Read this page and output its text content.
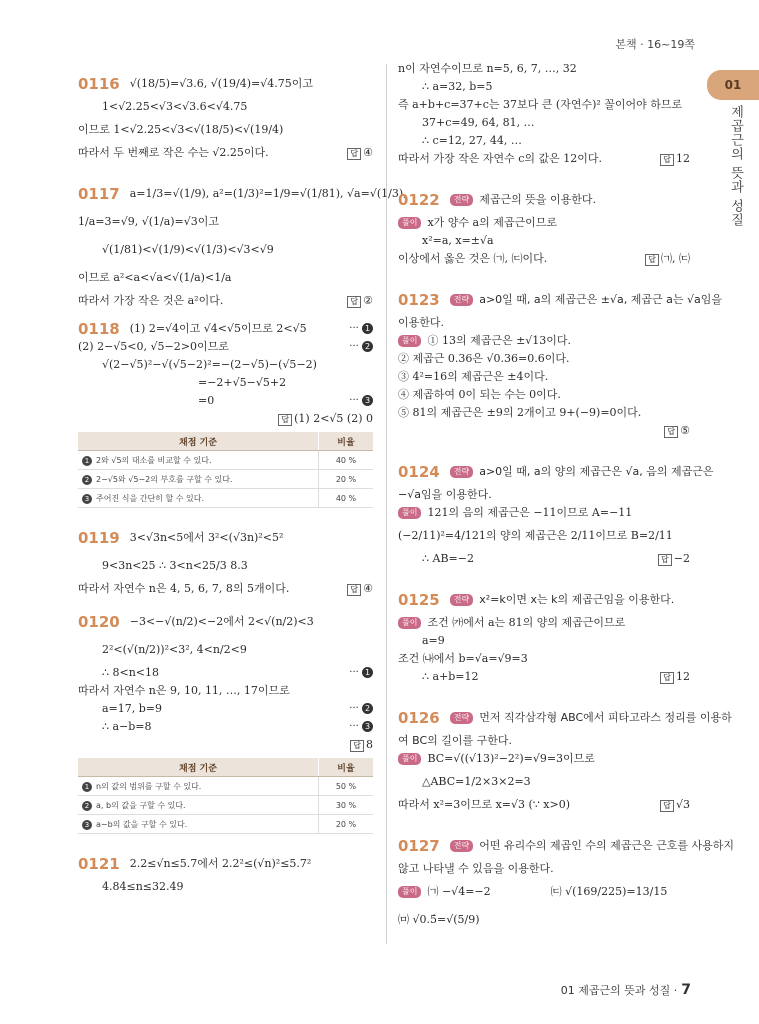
본책 · 16~19쪽
01
제곱근의 뜻과 성질
0116 √(18/5)=√3.6, √(19/4)=√4.75이고
1<√2.25<√3<√3.6<√4.75
이므로 1<√2.25<√3<√(18/5)<√(19/4)
따라서 두 번째로 작은 수는 √2.25이다.	답 ④
0117 a=1/3=√(1/9), a²=(1/3)²=1/9=√(1/81), √a=√(1/3),
1/a=3=√9, √(1/a)=√3이고
√(1/81)<√(1/9)<√(1/3)<√3<√9
이므로 a²<a<√a<√(1/a)<1/a
따라서 가장 작은 것은 a²이다.	답 ②
0118 (1) 2=√4이고 √4<√5이므로 2<√5	··· 1
(2) 2−√5<0, √5−2>0이므로	··· 2
√(2−√5)²−√(√5−2)²=−(2−√5)−(√5−2)
=−2+√5−√5+2
=0	··· 3
답 (1) 2<√5 (2) 0
채점 기준	비율
1 2와 √5의 대소를 비교할 수 있다.	40 %
2 2−√5와 √5−2의 부호를 구할 수 있다.	20 %
3 주어진 식을 간단히 할 수 있다.	40 %
0119 3<√3n<5에서 3²<(√3n)²<5²
9<3n<25 ∴ 3<n<25/3 8.3
따라서 자연수 n은 4, 5, 6, 7, 8의 5개이다.	답 ④
0120 −3<−√(n/2)<−2에서 2<√(n/2)<3
2²<(√(n/2))²<3², 4<n/2<9
∴ 8<n<18	··· 1
따라서 자연수 n은 9, 10, 11, …, 17이므로
a=17, b=9	··· 2
∴ a−b=8	··· 3
답 8
채점 기준	비율
1 n의 값의 범위를 구할 수 있다.	50 %
2 a, b의 값을 구할 수 있다.	30 %
3 a−b의 값을 구할 수 있다.	20 %
0121 2.2≤√n≤5.7에서 2.2²≤(√n)²≤5.7²
4.84≤n≤32.49
n이 자연수이므로 n=5, 6, 7, …, 32
∴ a=32, b=5
즉 a+b+c=37+c는 37보다 큰 (자연수)² 꼴이어야 하므로
37+c=49, 64, 81, …
∴ c=12, 27, 44, …
따라서 가장 작은 자연수 c의 값은 12이다.	답 12
0122	전략 제곱근의 뜻을 이용한다.
풀이 x가 양수 a의 제곱근이므로
x²=a, x=±√a
이상에서 옳은 것은 ㈀, ㈂이다.	답 ㈀, ㈂
0123	전략 a>0일 때, a의 제곱근은 ±√a, 제곱근 a는 √a임을
이용한다.
풀이 ① 13의 제곱근은 ±√13이다.
② 제곱근 0.36은 √0.36=0.6이다.
③ 4²=16의 제곱근은 ±4이다.
④ 제곱하여 0이 되는 수는 0이다.
⑤ 81의 제곱근은 ±9의 2개이고 9+(−9)=0이다.
답 ⑤
0124	전략 a>0일 때, a의 양의 제곱근은 √a, 음의 제곱근은
−√a임을 이용한다.
풀이 121의 음의 제곱근은 −11이므로 A=−11
(−2/11)²=4/121의 양의 제곱근은 2/11이므로 B=2/11
∴ AB=−2	답 −2
0125	전략 x²=k이면 x는 k의 제곱근임을 이용한다.
풀이 조건 ㈎에서 a는 81의 양의 제곱근이므로
a=9
조건 ㈏에서 b=√a=√9=3
∴ a+b=12	답 12
0126	전략 먼저 직각삼각형 ABC에서 피타고라스 정리를 이용하
여 BC의 길이를 구한다.
풀이 BC=√((√13)²−2²)=√9=3이므로
△ABC=1/2×3×2=3
따라서 x²=3이므로 x=√3 (∵ x>0)	답 √3
0127	전략 어떤 유리수의 제곱인 수의 제곱근은 근호를 사용하지
않고 나타낼 수 있음을 이용한다.
풀이 ㈀ −√4=−2	㈂ √(169/225)=13/15
㈄ √0.5̇=√(5/9)
01 제곱근의 뜻과 성질 · 7
